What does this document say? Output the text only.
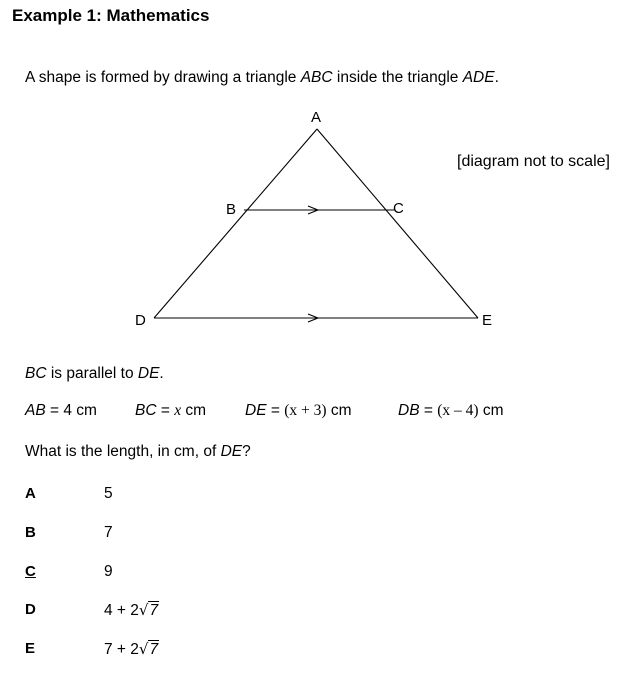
Example 1: Mathematics
A shape is formed by drawing a triangle ABC inside the triangle ADE.
A
B	C
D	E
[diagram not to scale]
BC is parallel to DE.
AB = 4 cm BC = x cm	DE = (x + 3) cm	DB = (x – 4) cm
What is the length, in cm, of DE?
A	5
B	7
C	9
D	4 + 2√7
E	7 + 2√7
